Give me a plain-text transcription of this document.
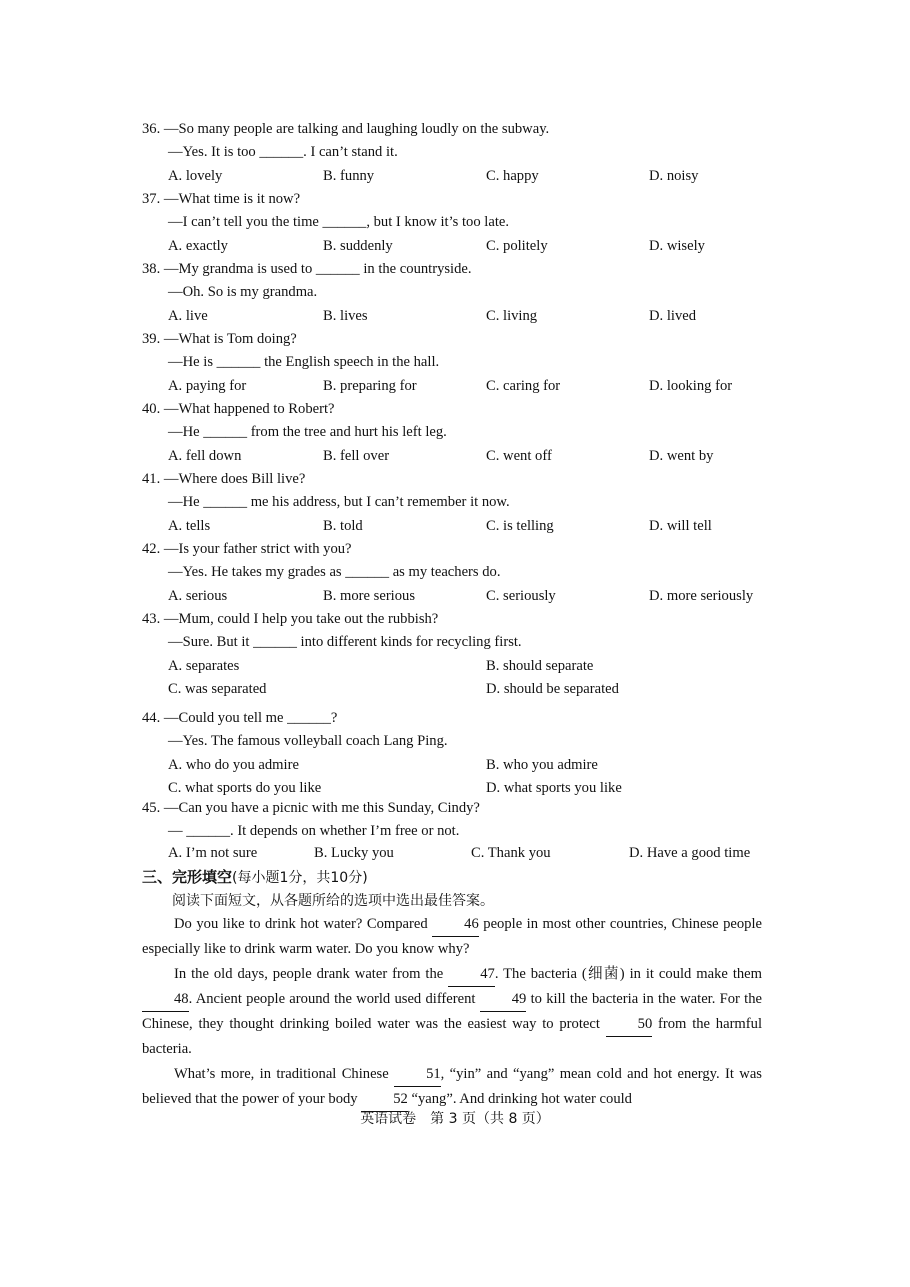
36. —So many people are talking and laughing loudly on the subway.
—Yes. It is too ______. I can’t stand it.
A. lovely	B. funny	C. happy	D. noisy
37. —What time is it now?
—I can’t tell you the time ______, but I know it’s too late.
A. exactly	B. suddenly	C. politely	D. wisely
38. —My grandma is used to ______ in the countryside.
—Oh. So is my grandma.
A. live	B. lives	C. living	D. lived
39. —What is Tom doing?
—He is ______ the English speech in the hall.
A. paying for	B. preparing for	C. caring for	D. looking for
40. —What happened to Robert?
—He ______ from the tree and hurt his left leg.
A. fell down	B. fell over	C. went off	D. went by
41. —Where does Bill live?
—He ______ me his address, but I can’t remember it now.
A. tells	B. told	C. is telling	D. will tell
42. —Is your father strict with you?
—Yes. He takes my grades as ______ as my teachers do.
A. serious	B. more serious	C. seriously	D. more seriously
43. —Mum, could I help you take out the rubbish?
—Sure. But it ______ into different kinds for recycling first.
A. separates	B. should separate
C. was separated	D. should be separated
44. —Could you tell me ______?
—Yes. The famous volleyball coach Lang Ping.
A. who do you admire	B. who you admire
C. what sports do you like	D. what sports you like
45. —Can you have a picnic with me this Sunday, Cindy?
— ______. It depends on whether I’m free or not.
A. I’m not sure	B. Lucky you	C. Thank you	D. Have a good time
三、完形填空(每小题1分，共10分)
阅读下面短文，从各题所给的选项中选出最佳答案。

Do you like to drink hot water? Compared 46 people in most other countries, Chinese people especially like to drink warm water. Do you know why?

In the old days, people drank water from the 47. The bacteria (细菌) in it could make them 48. Ancient people around the world used different 49 to kill the bacteria in the water. For the Chinese, they thought drinking boiled water was the easiest way to protect 50 from the harmful bacteria.

What’s more, in traditional Chinese 51, “yin” and “yang” mean cold and hot energy. It was believed that the power of your body 52 “yang”. And drinking hot water could

英语试卷　第 3 页（共 8 页）
